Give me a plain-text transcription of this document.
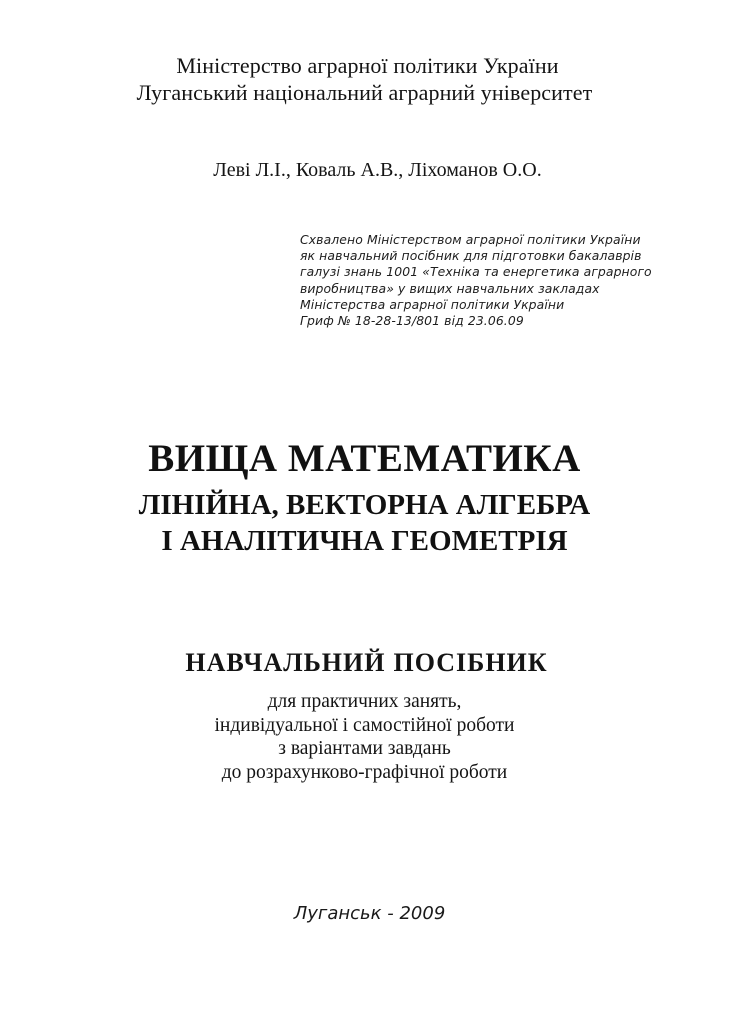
Міністерство аграрної політики України
Луганський національний аграрний університет
Леві Л.І., Коваль А.В., Ліхоманов О.О.
Схвалено Міністерством аграрної політики України
як навчальний посібник для підготовки бакалаврів
галузі знань 1001 «Техніка та енергетика аграрного
виробництва» у вищих навчальних закладах
Міністерства аграрної політики України
Гриф № 18-28-13/801 від 23.06.09
ВИЩА МАТЕМАТИКА
ЛІНІЙНА, ВЕКТОРНА АЛГЕБРА
І АНАЛІТИЧНА ГЕОМЕТРІЯ
НАВЧАЛЬНИЙ ПОСІБНИК
для практичних занять,
індивідуальної і самостійної роботи
з варіантами завдань
до розрахунково-графічної роботи
Луганськ - 2009
